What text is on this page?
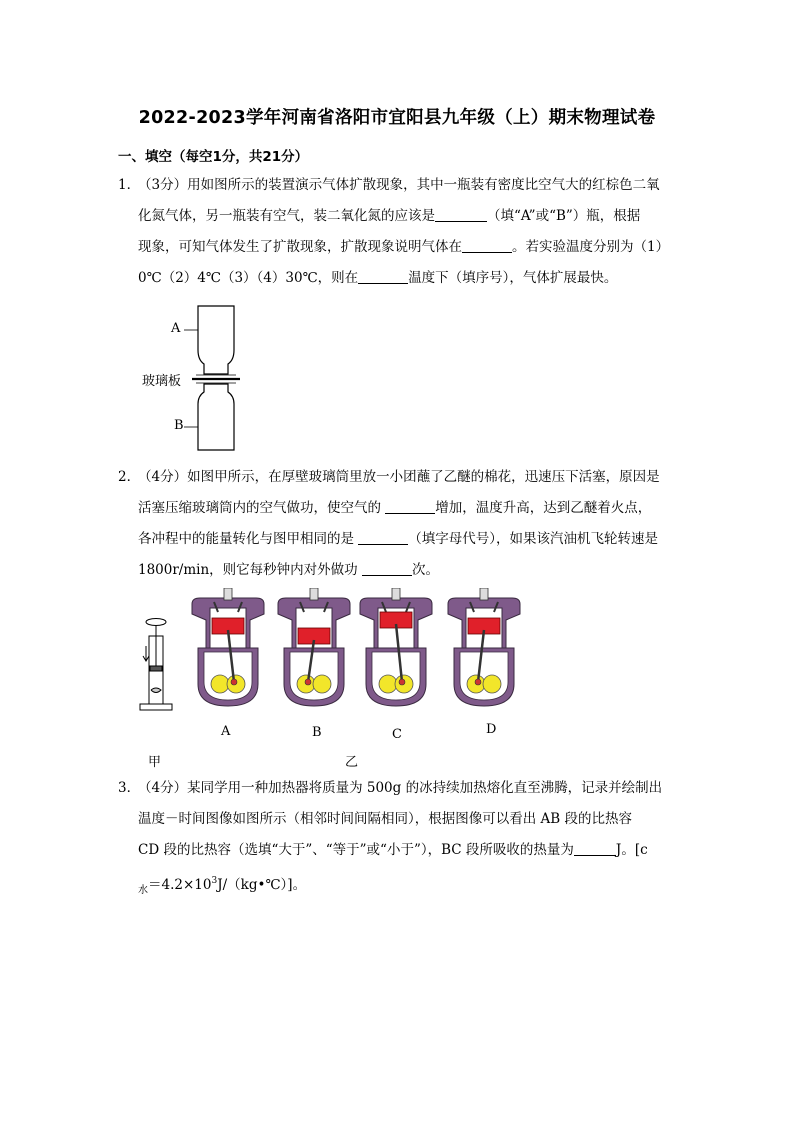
2022-2023学年河南省洛阳市宜阳县九年级（上）期末物理试卷
一、填空（每空1分，共21分）
1．（3分）用如图所示的装置演示气体扩散现象，其中一瓶装有密度比空气大的红棕色二氧
化氮气体，另一瓶装有空气，装二氧化氮的应该是	（填“A”或“B”）瓶，根据
现象，可知气体发生了扩散现象，扩散现象说明气体在	。若实验温度分别为（1）
0℃（2）4℃（3）（4）30℃，则在	温度下（填序号），气体扩展最快。
A
玻璃板
B
2．（4分）如图甲所示，在厚壁玻璃筒里放一小团蘸了乙醚的棉花，迅速压下活塞，原因是
活塞压缩玻璃筒内的空气做功，使空气的	增加，温度升高，达到乙醚着火点，
各冲程中的能量转化与图甲相同的是	（填字母代号），如果该汽油机飞轮转速是
1800r/min，则它每秒钟内对外做功	次。
甲
A	B	C	D
乙
3．（4分）某同学用一种加热器将质量为 500g 的冰持续加热熔化直至沸腾，记录并绘制出
温度－时间图像如图所示（相邻时间间隔相同），根据图像可以看出 AB 段的比热容
CD 段的比热容（选填“大于”、“等于”或“小于”），BC 段所吸收的热量为	J。[c
$_水=4.2\times 10^3J/(kg•℃)$]。
